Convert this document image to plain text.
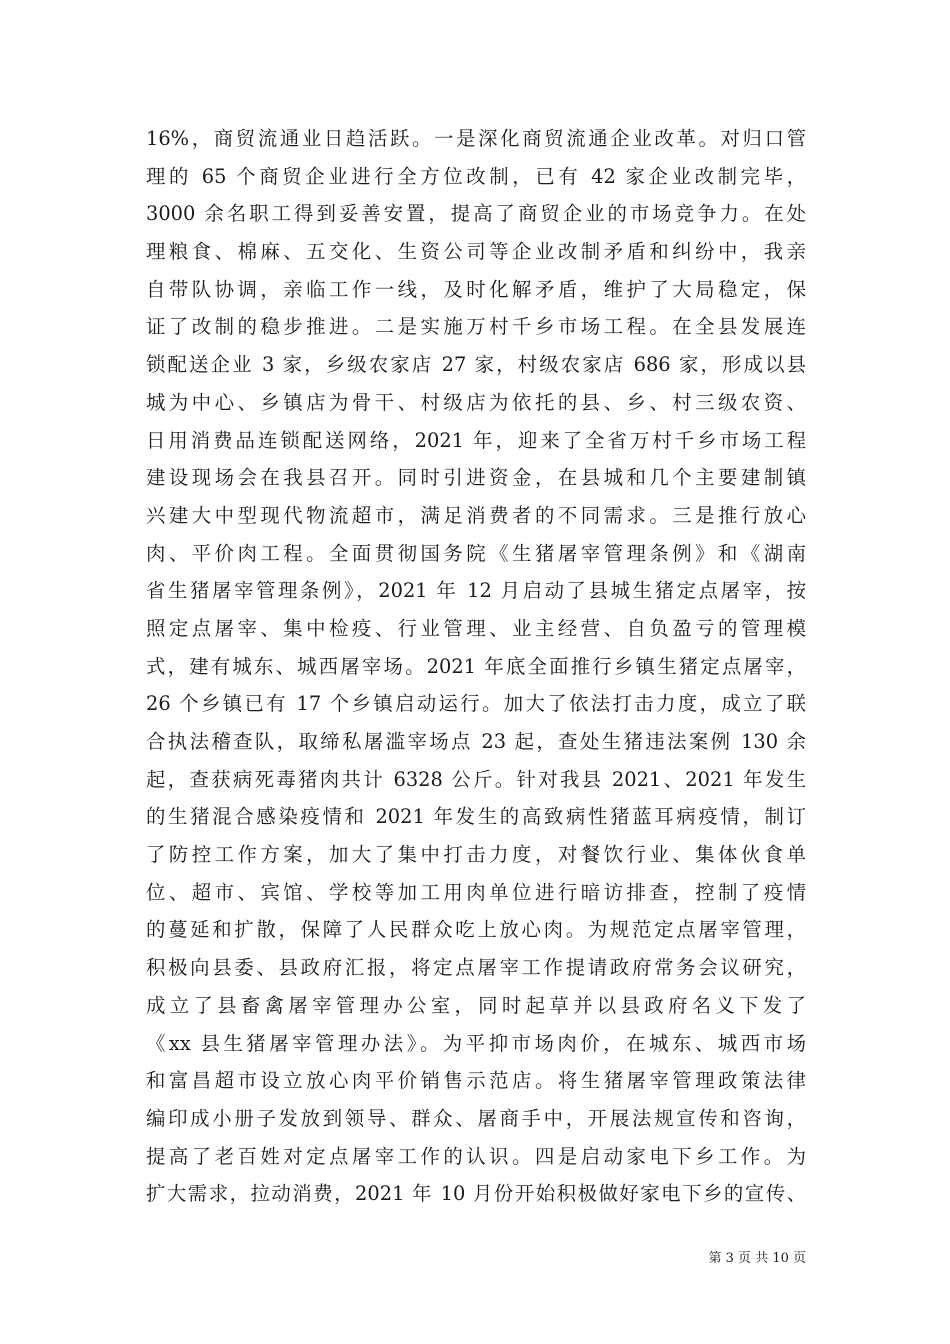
16%，商贸流通业日趋活跃。一是深化商贸流通企业改革。对归口管
理的 65 个商贸企业进行全方位改制，已有 42 家企业改制完毕，
3000 余名职工得到妥善安置，提高了商贸企业的市场竞争力。在处
理粮食、棉麻、五交化、生资公司等企业改制矛盾和纠纷中，我亲
自带队协调，亲临工作一线，及时化解矛盾，维护了大局稳定，保
证了改制的稳步推进。二是实施万村千乡市场工程。在全县发展连
锁配送企业 3 家，乡级农家店 27 家，村级农家店 686 家，形成以县
城为中心、乡镇店为骨干、村级店为依托的县、乡、村三级农资、
日用消费品连锁配送网络，2021 年，迎来了全省万村千乡市场工程
建设现场会在我县召开。同时引进资金，在县城和几个主要建制镇
兴建大中型现代物流超市，满足消费者的不同需求。三是推行放心
肉、平价肉工程。全面贯彻国务院《生猪屠宰管理条例》和《湖南
省生猪屠宰管理条例》，2021 年 12 月启动了县城生猪定点屠宰，按
照定点屠宰、集中检疫、行业管理、业主经营、自负盈亏的管理模
式，建有城东、城西屠宰场。2021 年底全面推行乡镇生猪定点屠宰，
26 个乡镇已有 17 个乡镇启动运行。加大了依法打击力度，成立了联
合执法稽查队，取缔私屠滥宰场点 23 起，查处生猪违法案例 130 余
起，查获病死毒猪肉共计 6328 公斤。针对我县 2021、2021 年发生
的生猪混合感染疫情和 2021 年发生的高致病性猪蓝耳病疫情，制订
了防控工作方案，加大了集中打击力度，对餐饮行业、集体伙食单
位、超市、宾馆、学校等加工用肉单位进行暗访排查，控制了疫情
的蔓延和扩散，保障了人民群众吃上放心肉。为规范定点屠宰管理，
积极向县委、县政府汇报，将定点屠宰工作提请政府常务会议研究，
成立了县畜禽屠宰管理办公室，同时起草并以县政府名义下发了
《xx 县生猪屠宰管理办法》。为平抑市场肉价，在城东、城西市场
和富昌超市设立放心肉平价销售示范店。将生猪屠宰管理政策法律
编印成小册子发放到领导、群众、屠商手中，开展法规宣传和咨询，
提高了老百姓对定点屠宰工作的认识。四是启动家电下乡工作。为
扩大需求，拉动消费，2021 年 10 月份开始积极做好家电下乡的宣传、
第 3 页 共 10 页
